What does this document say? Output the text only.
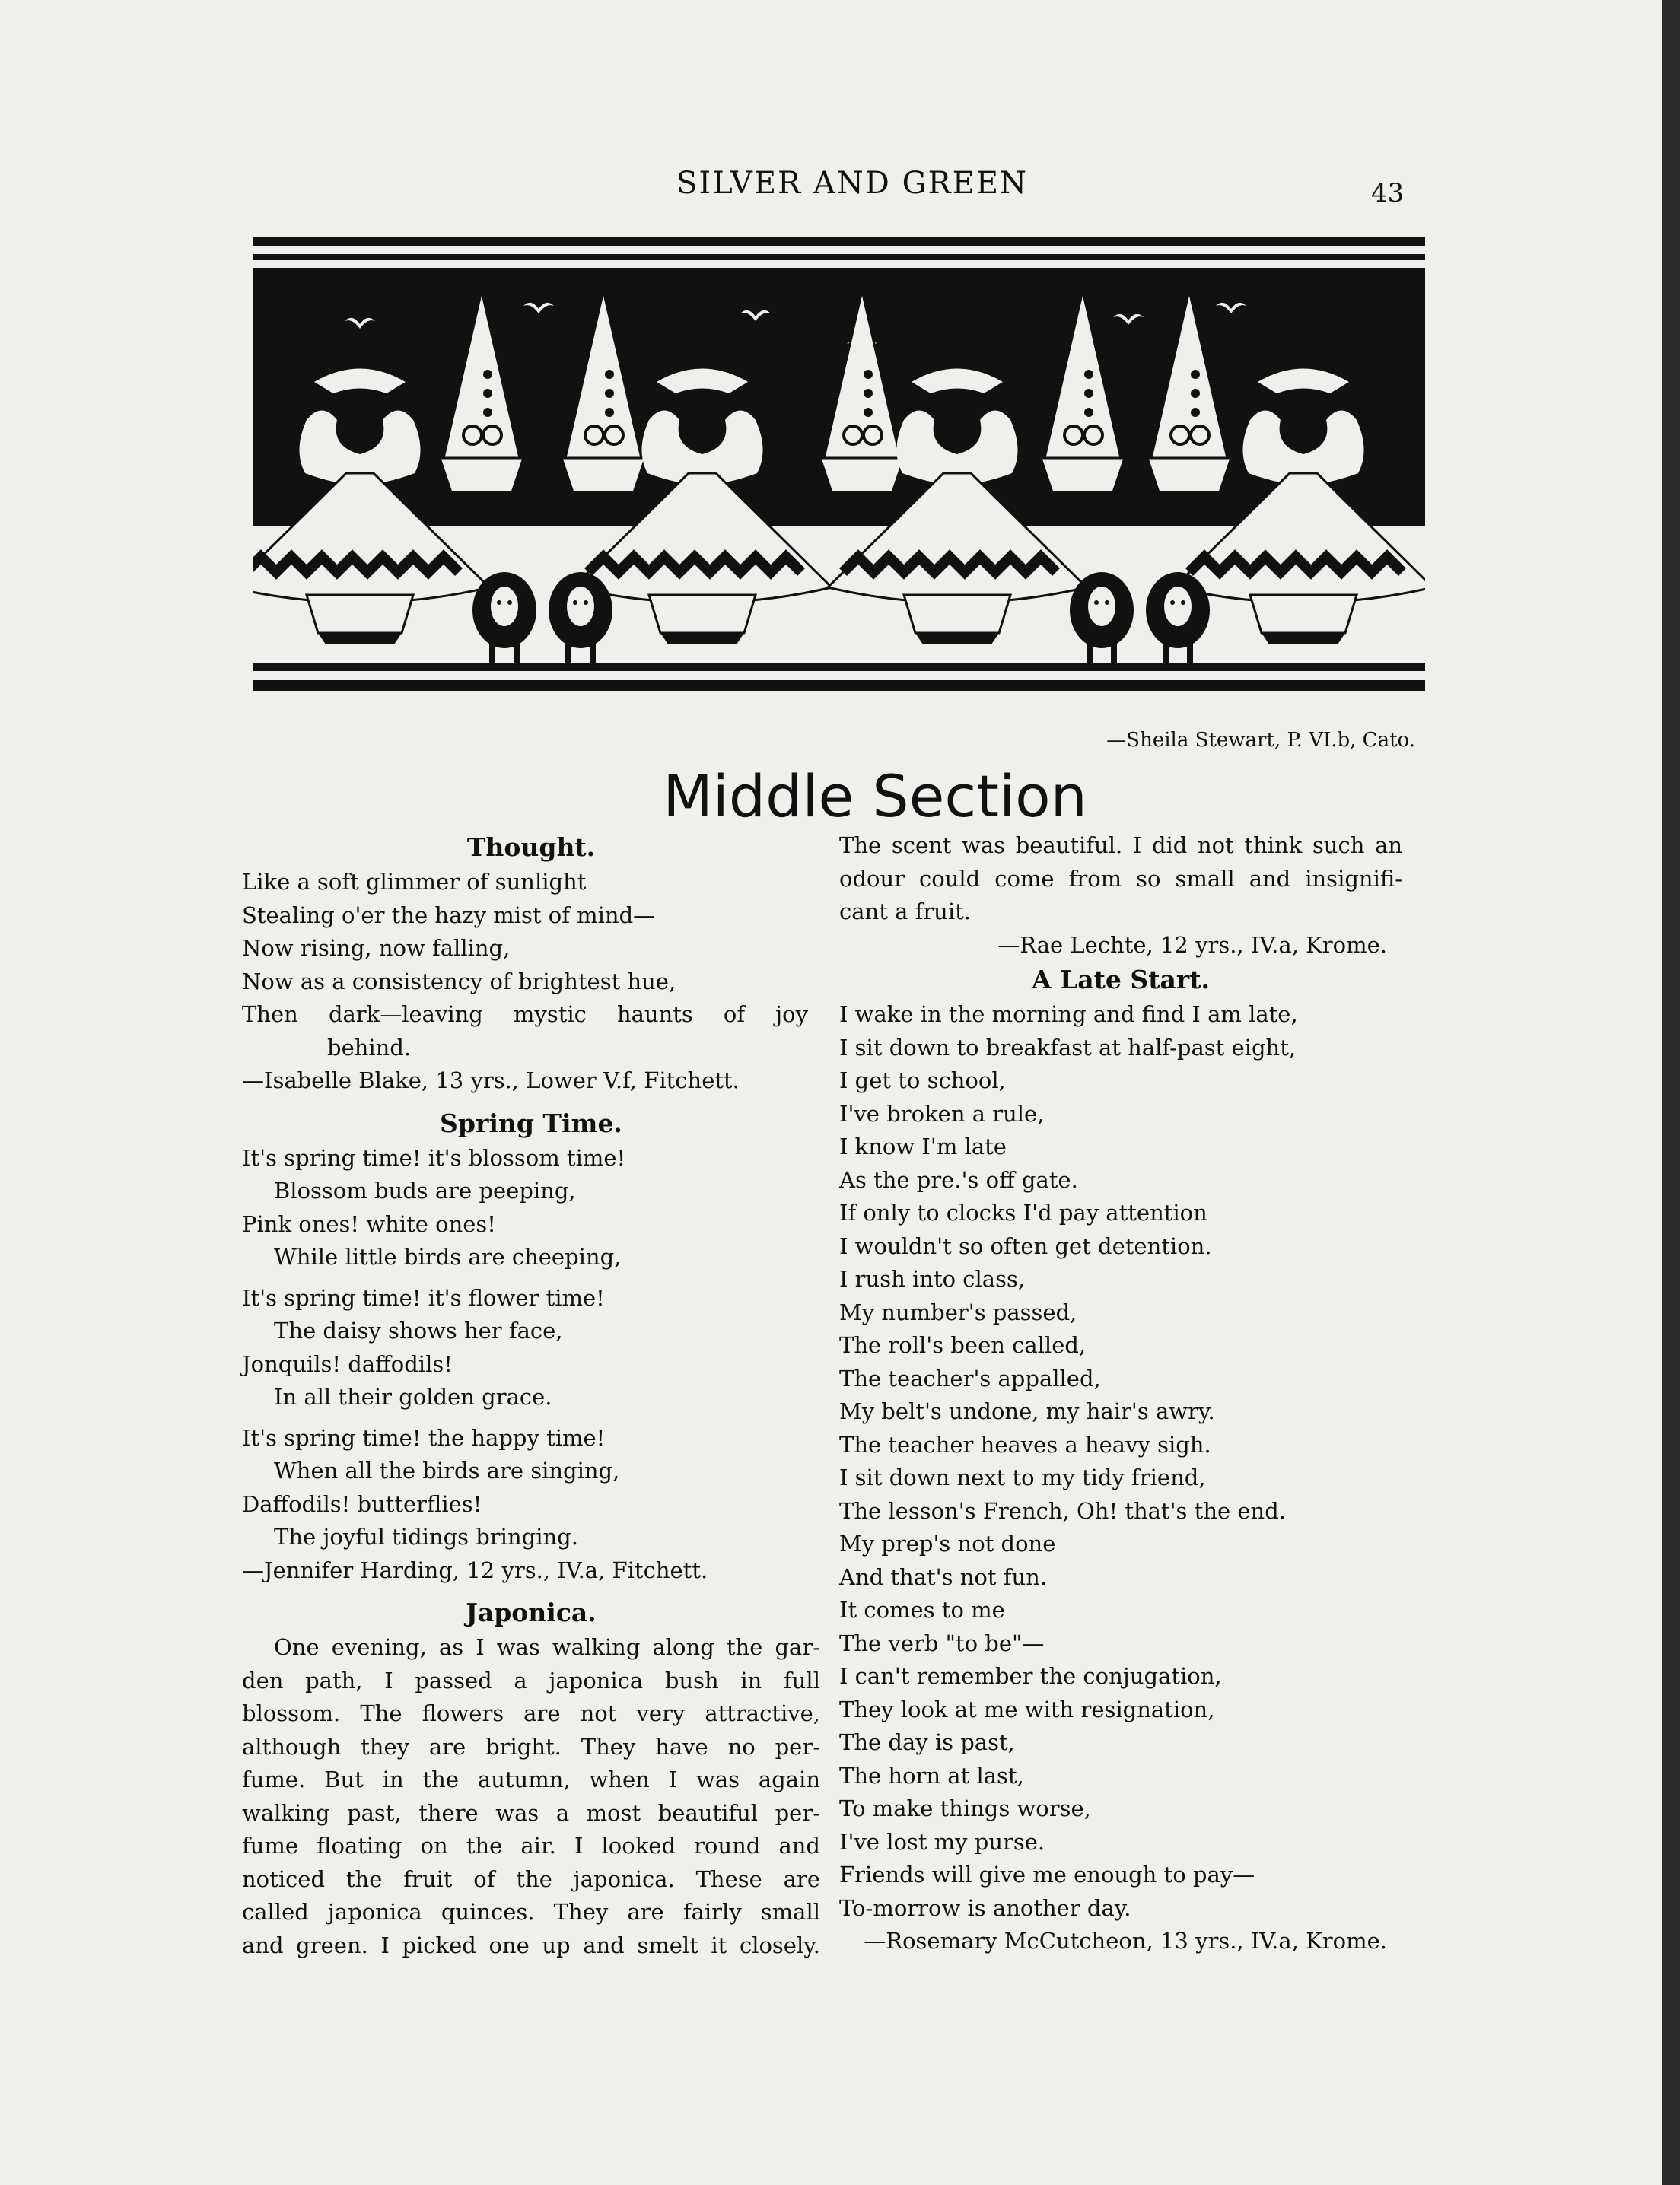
SILVER AND GREEN	43
—Sheila Stewart, P. VI.b, Cato.
Middle Section
Thought.
Like a soft glimmer of sunlight
Stealing o'er the hazy mist of mind—
Now rising, now falling,
Now as a consistency of brightest hue,
Then dark—leaving mystic haunts of joy
behind.
—Isabelle Blake, 13 yrs., Lower V.f, Fitchett.
Spring Time.
It's spring time! it's blossom time!
Blossom buds are peeping,
Pink ones! white ones!
While little birds are cheeping,
It's spring time! it's flower time!
The daisy shows her face,
Jonquils! daffodils!
In all their golden grace.
It's spring time! the happy time!
When all the birds are singing,
Daffodils! butterflies!
The joyful tidings bringing.
—Jennifer Harding, 12 yrs., IV.a, Fitchett.
Japonica.
One evening, as I was walking along the gar-
den path, I passed a japonica bush in full
blossom. The flowers are not very attractive,
although they are bright. They have no per-
fume. But in the autumn, when I was again
walking past, there was a most beautiful per-
fume floating on the air. I looked round and
noticed the fruit of the japonica. These are
called japonica quinces. They are fairly small
and green. I picked one up and smelt it closely.
The scent was beautiful. I did not think such an
odour could come from so small and insignifi-
cant a fruit.
—Rae Lechte, 12 yrs., IV.a, Krome.
A Late Start.
I wake in the morning and find I am late,
I sit down to breakfast at half-past eight,
I get to school,
I've broken a rule,
I know I'm late
As the pre.'s off gate.
If only to clocks I'd pay attention
I wouldn't so often get detention.
I rush into class,
My number's passed,
The roll's been called,
The teacher's appalled,
My belt's undone, my hair's awry.
The teacher heaves a heavy sigh.
I sit down next to my tidy friend,
The lesson's French, Oh! that's the end.
My prep's not done
And that's not fun.
It comes to me
The verb "to be"—
I can't remember the conjugation,
They look at me with resignation,
The day is past,
The horn at last,
To make things worse,
I've lost my purse.
Friends will give me enough to pay—
To-morrow is another day.
—Rosemary McCutcheon, 13 yrs., IV.a, Krome.
